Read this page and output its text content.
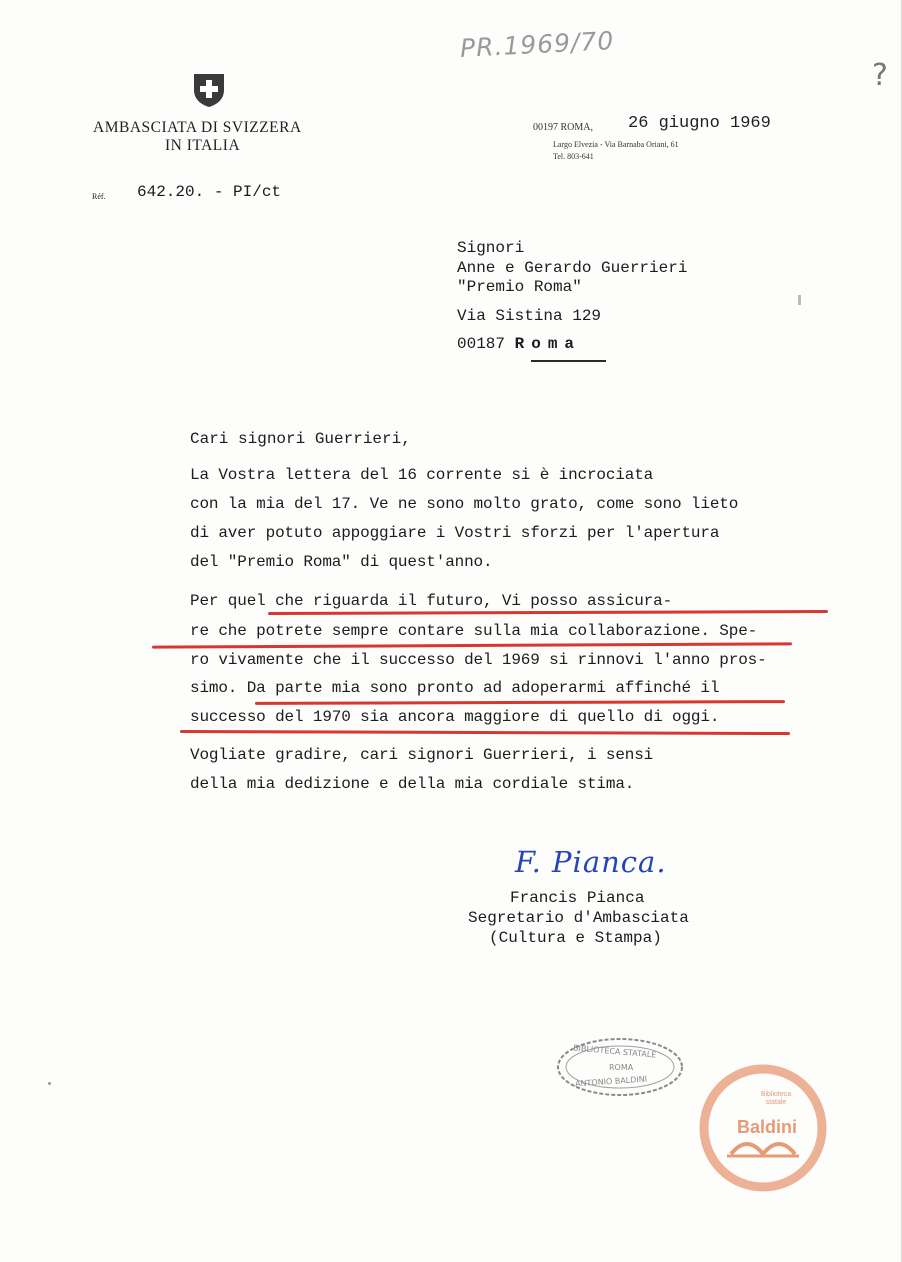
PR.1969/70
?
AMBASCIATA DI SVIZZERA
IN ITALIA
00197 ROMA, 26 giugno 1969
Largo Elvezia - Via Barnaba Oriani, 61
Tel. 803-641
Réf. 642.20. - PI/ct
Signori
Anne e Gerardo Guerrieri
"Premio Roma"
Via Sistina 129
00187 Roma
Cari signori Guerrieri,
La Vostra lettera del 16 corrente si è incrociata
con la mia del 17. Ve ne sono molto grato, come sono lieto
di aver potuto appoggiare i Vostri sforzi per l'apertura
del "Premio Roma" di quest'anno.
Per quel che riguarda il futuro, Vi posso assicura-
re che potrete sempre contare sulla mia collaborazione. Spe-
ro vivamente che il successo del 1969 si rinnovi l'anno pros-
simo. Da parte mia sono pronto ad adoperarmi affinché il
successo del 1970 sia ancora maggiore di quello di oggi.
Vogliate gradire, cari signori Guerrieri, i sensi
della mia dedizione e della mia cordiale stima.
F. Pianca.
Francis Pianca
Segretario d'Ambasciata
(Cultura e Stampa)
BIBLIOTECA STATALE
ROMA
ANTONIO BALDINI
Biblioteca statale
Baldini
